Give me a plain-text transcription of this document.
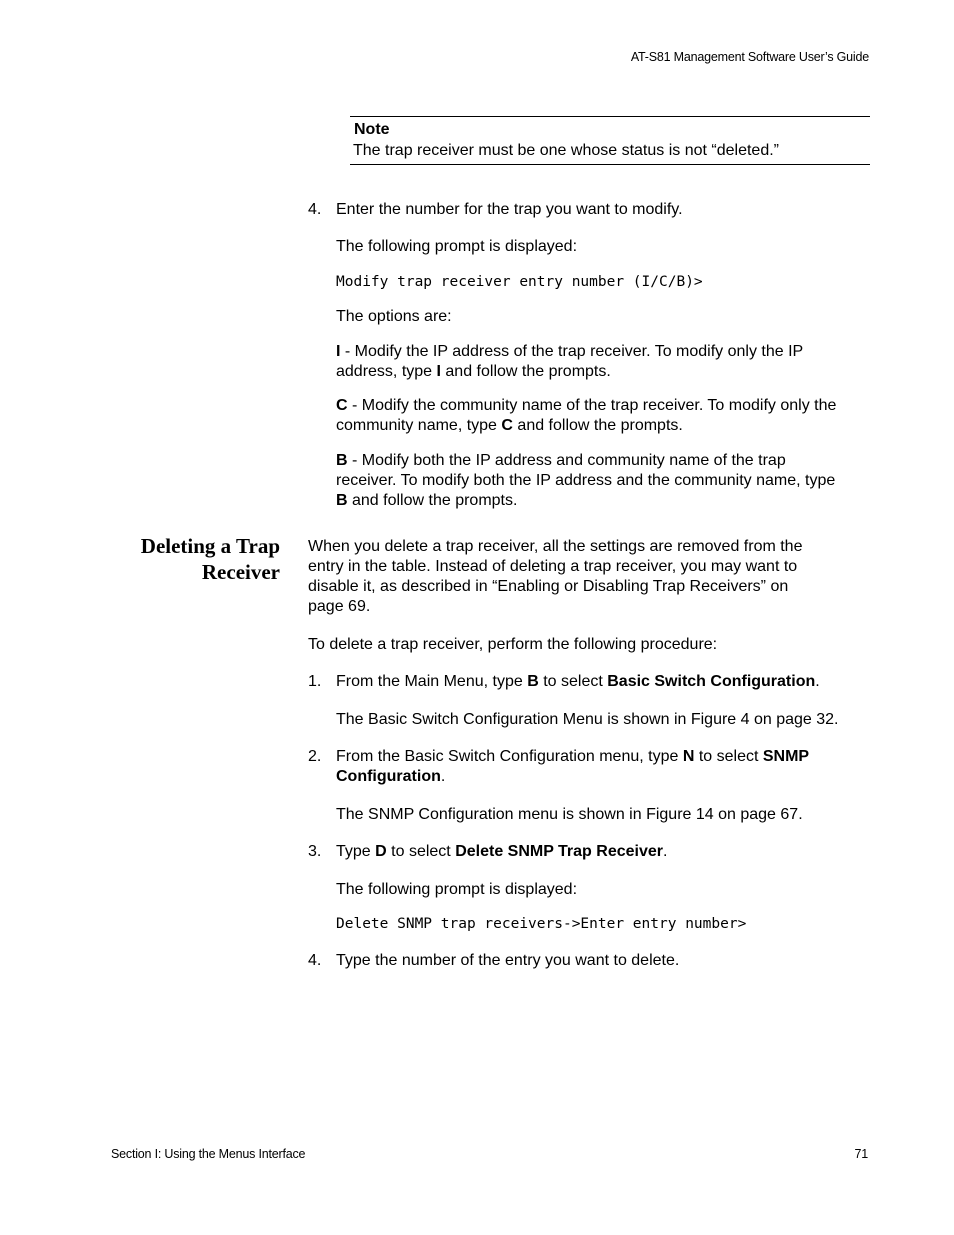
AT-S81 Management Software User’s Guide
Note
The trap receiver must be one whose status is not “deleted.”
4. Enter the number for the trap you want to modify.
The following prompt is displayed:
Modify trap receiver entry number (I/C/B)>
The options are:
I - Modify the IP address of the trap receiver. To modify only the IP
address, type I and follow the prompts.
C - Modify the community name of the trap receiver. To modify only the
community name, type C and follow the prompts.
B - Modify both the IP address and community name of the trap
receiver. To modify both the IP address and the community name, type
B and follow the prompts.
Deleting a Trap
Receiver
When you delete a trap receiver, all the settings are removed from the
entry in the table. Instead of deleting a trap receiver, you may want to
disable it, as described in “Enabling or Disabling Trap Receivers” on
page 69.
To delete a trap receiver, perform the following procedure:
1. From the Main Menu, type B to select Basic Switch Configuration.
The Basic Switch Configuration Menu is shown in Figure 4 on page 32.
2. From the Basic Switch Configuration menu, type N to select SNMP
Configuration.
The SNMP Configuration menu is shown in Figure 14 on page 67.
3. Type D to select Delete SNMP Trap Receiver.
The following prompt is displayed:
Delete SNMP trap receivers->Enter entry number>
4. Type the number of the entry you want to delete.
Section I: Using the Menus Interface	71
